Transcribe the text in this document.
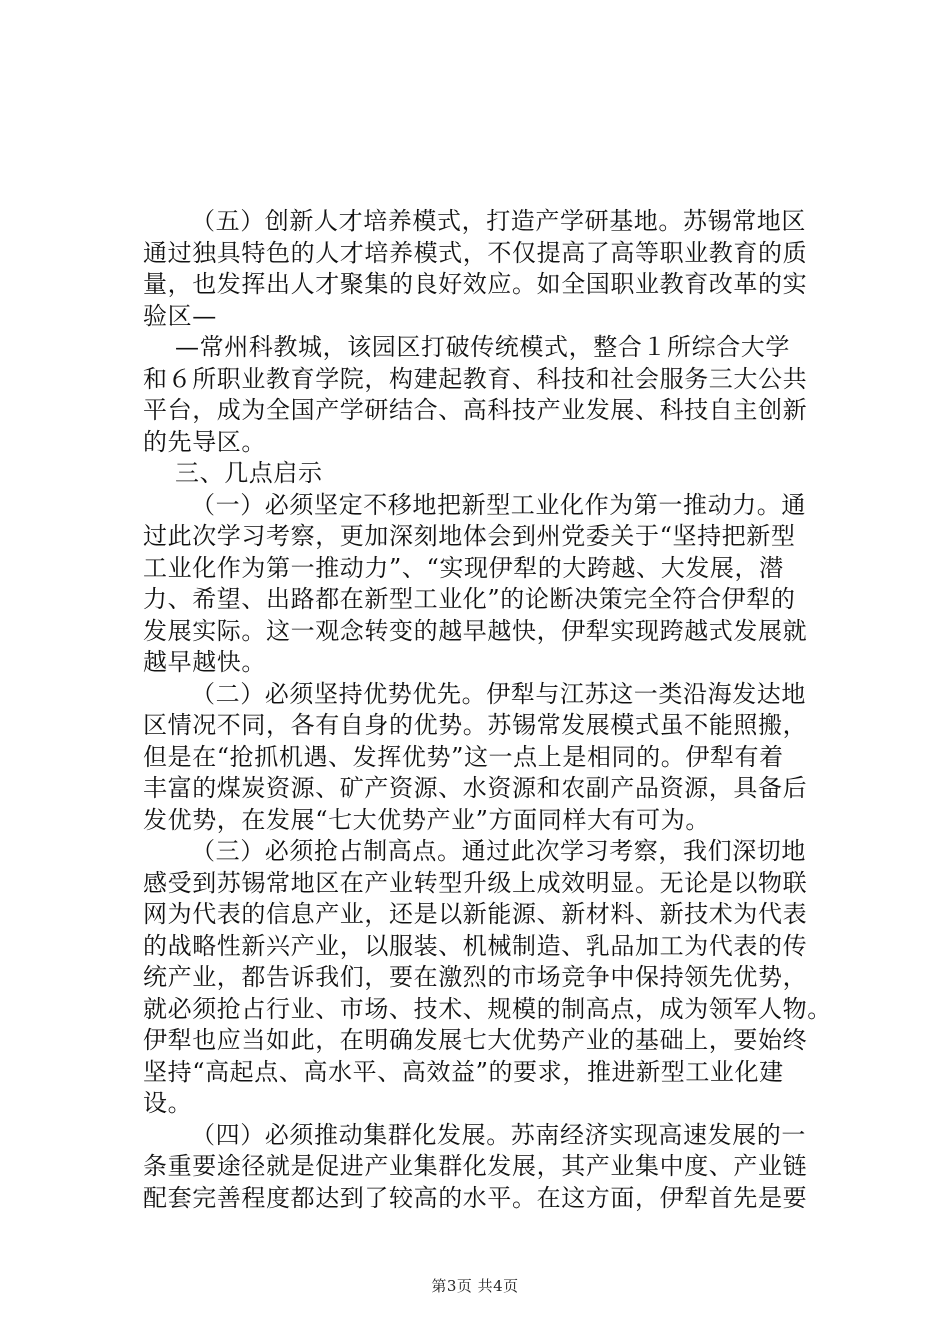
（五）创新人才培养模式，打造产学研基地。苏锡常地区

通过独具特色的人才培养模式，不仅提高了高等职业教育的质

量，也发挥出人才聚集的良好效应。如全国职业教育改革的实

验区—

—常州科教城，该园区打破传统模式，整合１所综合大学

和６所职业教育学院，构建起教育、科技和社会服务三大公共

平台，成为全国产学研结合、高科技产业发展、科技自主创新

的先导区。

三、几点启示

（一）必须坚定不移地把新型工业化作为第一推动力。通

过此次学习考察，更加深刻地体会到州党委关于“坚持把新型

工业化作为第一推动力”、“实现伊犁的大跨越、大发展，潜

力、希望、出路都在新型工业化”的论断决策完全符合伊犁的

发展实际。这一观念转变的越早越快，伊犁实现跨越式发展就

越早越快。

（二）必须坚持优势优先。伊犁与江苏这一类沿海发达地

区情况不同，各有自身的优势。苏锡常发展模式虽不能照搬，

但是在“抢抓机遇、发挥优势”这一点上是相同的。伊犁有着

丰富的煤炭资源、矿产资源、水资源和农副产品资源，具备后

发优势，在发展“七大优势产业”方面同样大有可为。

（三）必须抢占制高点。通过此次学习考察，我们深切地

感受到苏锡常地区在产业转型升级上成效明显。无论是以物联

网为代表的信息产业，还是以新能源、新材料、新技术为代表

的战略性新兴产业，以服装、机械制造、乳品加工为代表的传

统产业，都告诉我们，要在激烈的市场竞争中保持领先优势，

就必须抢占行业、市场、技术、规模的制高点，成为领军人物。

伊犁也应当如此，在明确发展七大优势产业的基础上，要始终

坚持“高起点、高水平、高效益”的要求，推进新型工业化建

设。

（四）必须推动集群化发展。苏南经济实现高速发展的一

条重要途径就是促进产业集群化发展，其产业集中度、产业链

配套完善程度都达到了较高的水平。在这方面，伊犁首先是要

第3页 共4页
